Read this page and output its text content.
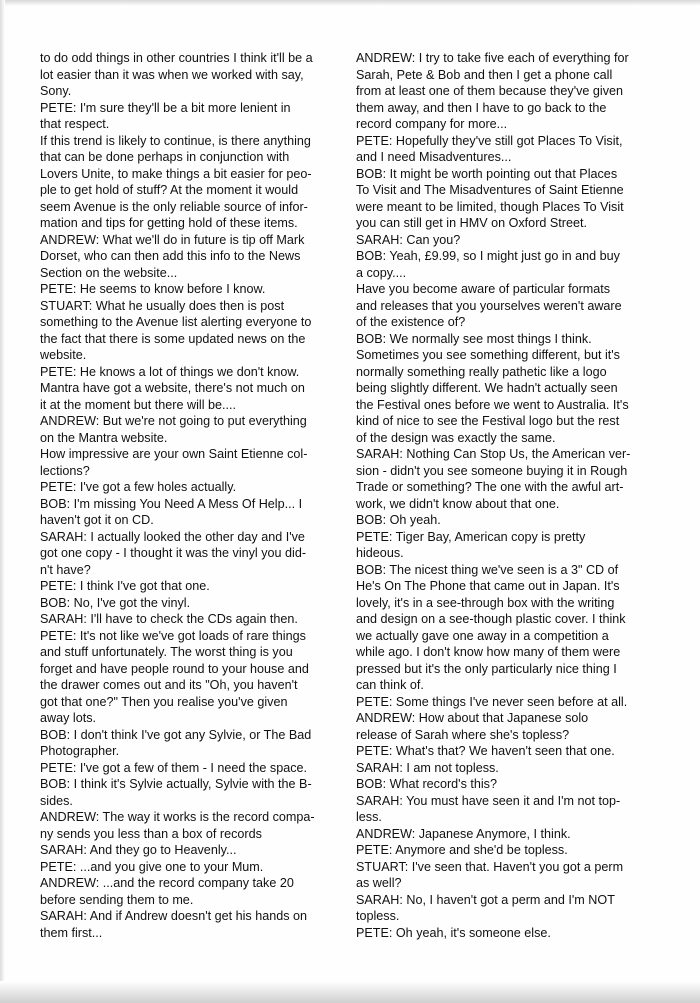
to do odd things in other countries I think it'll be a
lot easier than it was when we worked with say,
Sony.
PETE: I'm sure they'll be a bit more lenient in
that respect.
If this trend is likely to continue, is there anything
that can be done perhaps in conjunction with
Lovers Unite, to make things a bit easier for peo-
ple to get hold of stuff? At the moment it would
seem Avenue is the only reliable source of infor-
mation and tips for getting hold of these items.
ANDREW: What we'll do in future is tip off Mark
Dorset, who can then add this info to the News
Section on the website...
PETE: He seems to know before I know.
STUART: What he usually does then is post
something to the Avenue list alerting everyone to
the fact that there is some updated news on the
website.
PETE: He knows a lot of things we don't know.
Mantra have got a website, there's not much on
it at the moment but there will be....
ANDREW: But we're not going to put everything
on the Mantra website.
How impressive are your own Saint Etienne col-
lections?
PETE: I've got a few holes actually.
BOB: I'm missing You Need A Mess Of Help... I
haven't got it on CD.
SARAH: I actually looked the other day and I've
got one copy - I thought it was the vinyl you did-
n't have?
PETE: I think I've got that one.
BOB: No, I've got the vinyl.
SARAH: I'll have to check the CDs again then.
PETE: It's not like we've got loads of rare things
and stuff unfortunately. The worst thing is you
forget and have people round to your house and
the drawer comes out and its "Oh, you haven't
got that one?" Then you realise you've given
away lots.
BOB: I don't think I've got any Sylvie, or The Bad
Photographer.
PETE: I've got a few of them - I need the space.
BOB: I think it's Sylvie actually, Sylvie with the B-
sides.
ANDREW: The way it works is the record compa-
ny sends you less than a box of records
SARAH: And they go to Heavenly...
PETE: ...and you give one to your Mum.
ANDREW: ...and the record company take 20
before sending them to me.
SARAH: And if Andrew doesn't get his hands on
them first...
ANDREW: I try to take five each of everything for
Sarah, Pete & Bob and then I get a phone call
from at least one of them because they've given
them away, and then I have to go back to the
record company for more...
PETE: Hopefully they've still got Places To Visit,
and I need Misadventures...
BOB: It might be worth pointing out that Places
To Visit and The Misadventures of Saint Etienne
were meant to be limited, though Places To Visit
you can still get in HMV on Oxford Street.
SARAH: Can you?
BOB: Yeah, £9.99, so I might just go in and buy
a copy....
Have you become aware of particular formats
and releases that you yourselves weren't aware
of the existence of?
BOB: We normally see most things I think.
Sometimes you see something different, but it's
normally something really pathetic like a logo
being slightly different. We hadn't actually seen
the Festival ones before we went to Australia. It's
kind of nice to see the Festival logo but the rest
of the design was exactly the same.
SARAH: Nothing Can Stop Us, the American ver-
sion - didn't you see someone buying it in Rough
Trade or something? The one with the awful art-
work, we didn't know about that one.
BOB: Oh yeah.
PETE: Tiger Bay, American copy is pretty
hideous.
BOB: The nicest thing we've seen is a 3" CD of
He's On The Phone that came out in Japan. It's
lovely, it's in a see-through box with the writing
and design on a see-though plastic cover. I think
we actually gave one away in a competition a
while ago. I don't know how many of them were
pressed but it's the only particularly nice thing I
can think of.
PETE: Some things I've never seen before at all.
ANDREW: How about that Japanese solo
release of Sarah where she's topless?
PETE: What's that? We haven't seen that one.
SARAH: I am not topless.
BOB: What record's this?
SARAH: You must have seen it and I'm not top-
less.
ANDREW: Japanese Anymore, I think.
PETE: Anymore and she'd be topless.
STUART: I've seen that. Haven't you got a perm
as well?
SARAH: No, I haven't got a perm and I'm NOT
topless.
PETE: Oh yeah, it's someone else.
